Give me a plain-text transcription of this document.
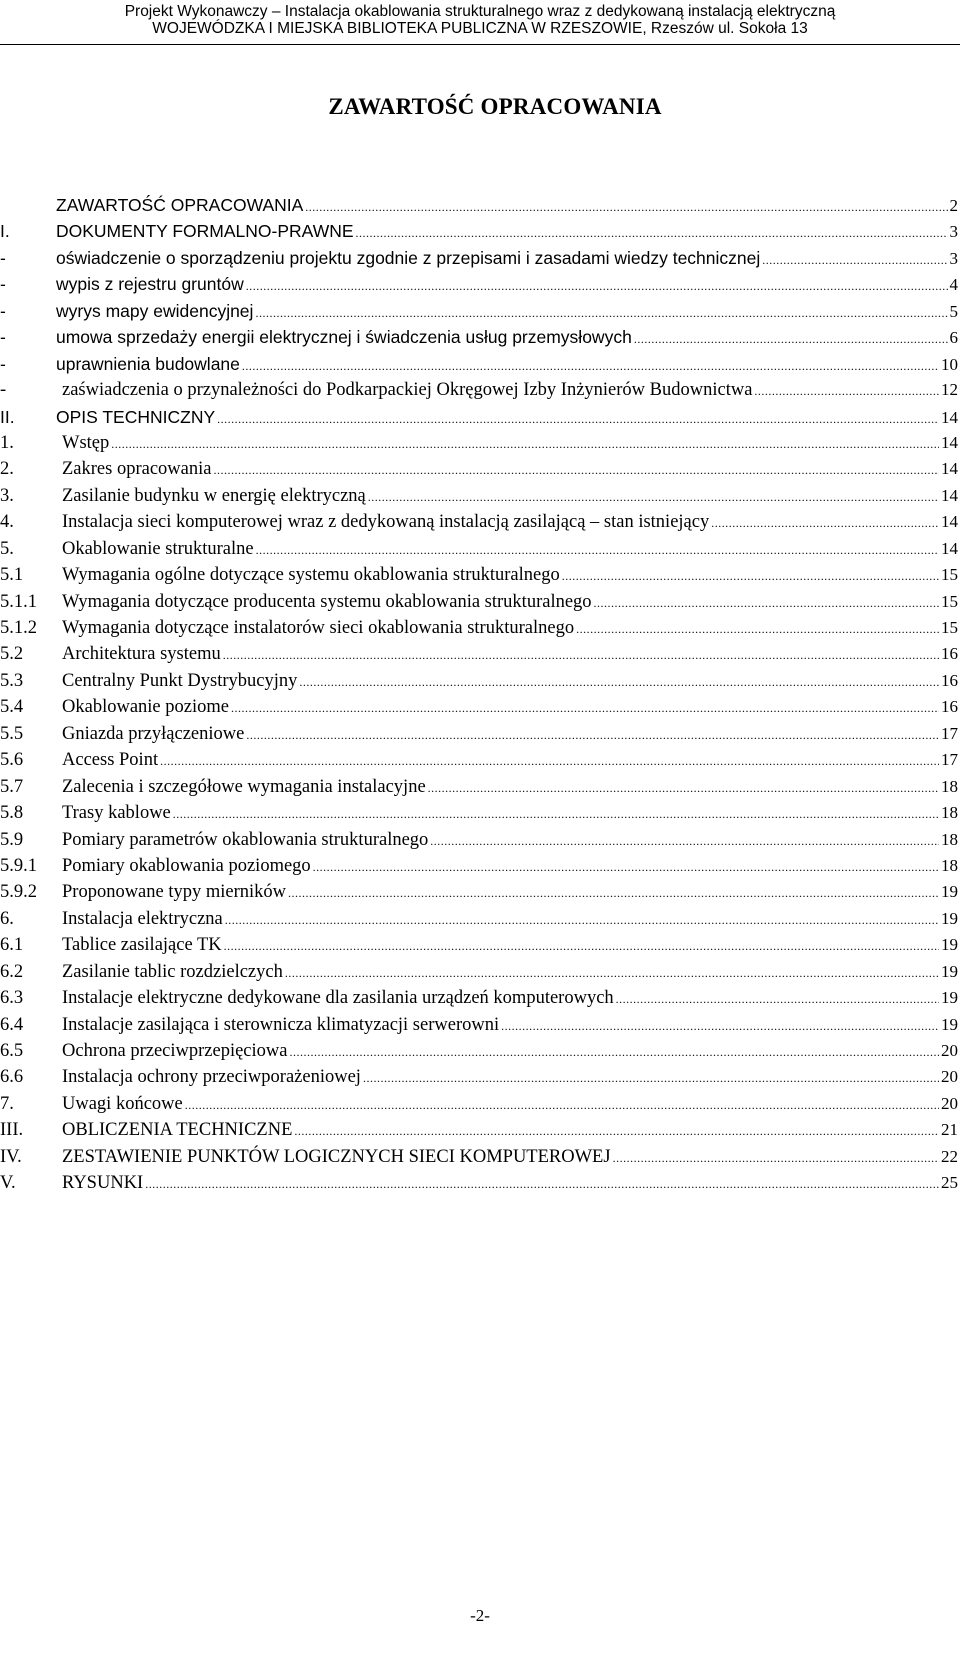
Projekt Wykonawczy – Instalacja okablowania strukturalnego wraz z dedykowaną instalacją elektryczną
WOJEWÓDZKA I MIEJSKA BIBLIOTEKA PUBLICZNA W RZESZOWIE, Rzeszów ul. Sokoła 13
ZAWARTOŚĆ OPRACOWANIA
ZAWARTOŚĆ OPRACOWANIA .....	2
I.	DOKUMENTY FORMALNO-PRAWNE .....	3
-	oświadczenie o sporządzeniu projektu zgodnie z przepisami i zasadami wiedzy technicznej .....	3
-	wypis z rejestru gruntów .....	4
-	wyrys mapy ewidencyjnej .....	5
-	umowa sprzedaży energii elektrycznej i świadczenia usług przemysłowych .....	6
-	uprawnienia budowlane .....	10
-	zaświadczenia o przynależności do Podkarpackiej Okręgowej Izby Inżynierów Budownictwa .....	12
II.	OPIS TECHNICZNY .....	14
1.	Wstęp .....	14
2.	Zakres opracowania .....	14
3.	Zasilanie budynku w energię elektryczną .....	14
4.	Instalacja sieci komputerowej wraz z dedykowaną instalacją zasilającą – stan istniejący .....	14
5.	Okablowanie strukturalne .....	14
5.1	Wymagania ogólne dotyczące systemu okablowania strukturalnego .....	15
5.1.1	Wymagania dotyczące producenta systemu okablowania strukturalnego .....	15
5.1.2	Wymagania dotyczące instalatorów sieci okablowania strukturalnego .....	15
5.2	Architektura systemu .....	16
5.3	Centralny Punkt Dystrybucyjny .....	16
5.4	Okablowanie poziome .....	16
5.5	Gniazda przyłączeniowe .....	17
5.6	Access Point .....	17
5.7	Zalecenia i szczegółowe wymagania instalacyjne .....	18
5.8	Trasy kablowe .....	18
5.9	Pomiary parametrów okablowania strukturalnego .....	18
5.9.1	Pomiary okablowania poziomego .....	18
5.9.2	Proponowane typy mierników .....	19
6.	Instalacja elektryczna .....	19
6.1	Tablice zasilające TK .....	19
6.2	Zasilanie tablic rozdzielczych .....	19
6.3	Instalacje elektryczne dedykowane dla zasilania urządzeń komputerowych .....	19
6.4	Instalacje zasilająca i sterownicza klimatyzacji serwerowni .....	19
6.5	Ochrona przeciwprzepięciowa .....	20
6.6	Instalacja ochrony przeciwporażeniowej .....	20
7.	Uwagi końcowe .....	20
III.	OBLICZENIA TECHNICZNE .....	21
IV.	ZESTAWIENIE PUNKTÓW LOGICZNYCH SIECI KOMPUTEROWEJ .....	22
V.	RYSUNKI .....	25
-2-
